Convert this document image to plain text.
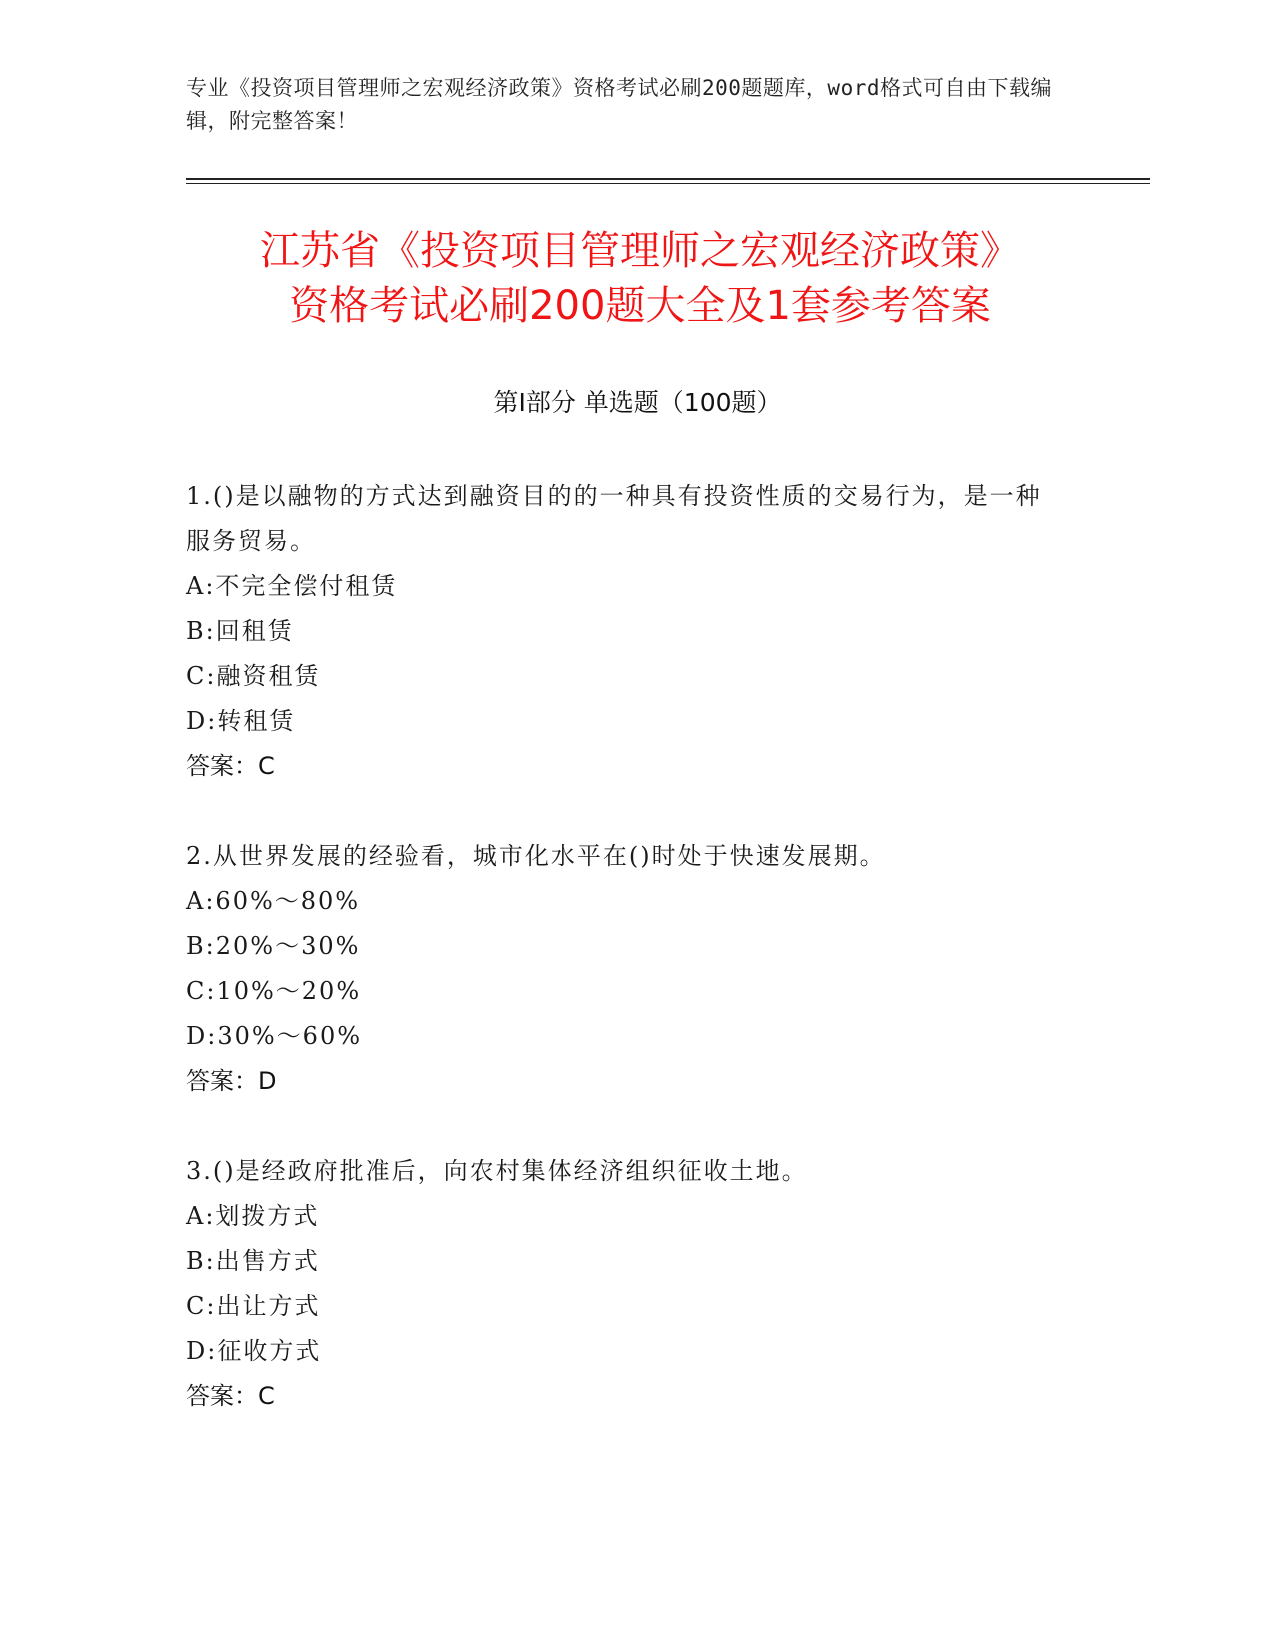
专业《投资项目管理师之宏观经济政策》资格考试必刷200题题库，word格式可自由下载编辑，附完整答案！
江苏省《投资项目管理师之宏观经济政策》
资格考试必刷200题大全及1套参考答案
第Ⅰ部分 单选题（100题）
1.()是以融物的方式达到融资目的的一种具有投资性质的交易行为，是一种服务贸易。
A:不完全偿付租赁
B:回租赁
C:融资租赁
D:转租赁
答案：C
2.从世界发展的经验看，城市化水平在()时处于快速发展期。
A:60%～80%
B:20%～30%
C:10%～20%
D:30%～60%
答案：D
3.()是经政府批准后，向农村集体经济组织征收土地。
A:划拨方式
B:出售方式
C:出让方式
D:征收方式
答案：C
